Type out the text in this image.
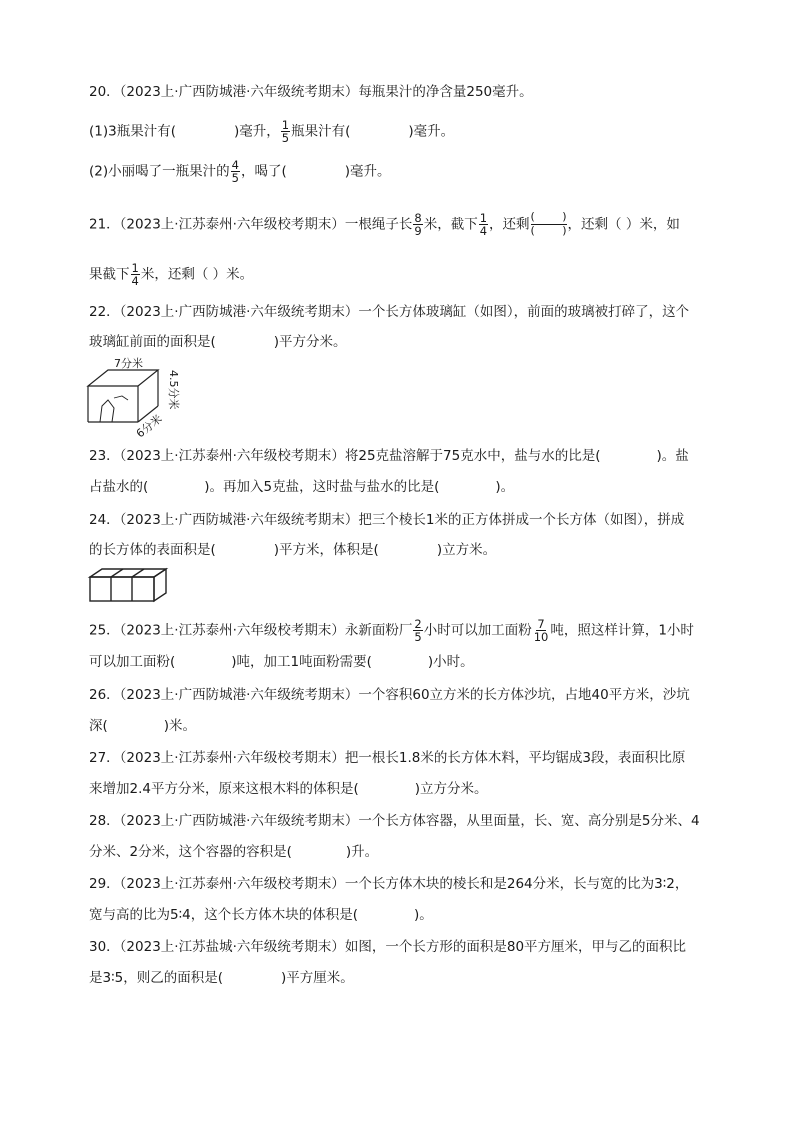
20．（2023上·广西防城港·六年级统考期末）每瓶果汁的净含量250毫升。
(1)3瓶果汁有(	)毫升， $\frac{1}{5}$ 瓶果汁有(	)毫升。
(2)小丽喝了一瓶果汁的 $\frac{4}{5}$ ，喝了(	)毫升。
21．（2023上·江苏泰州·六年级校考期末）一根绳子长 $\frac{8}{9}$ 米，截下 $\frac{1}{4}$ ，还剩 ( ) ( )	，还剩（ ）米，如
果截下 $\frac{1}{4}$ 米，还剩（ ）米。
22．（2023上·广西防城港·六年级统考期末）一个长方体玻璃缸（如图），前面的玻璃被打碎了，这个
玻璃缸前面的面积是(	)平方分米。
7分米
4.5分米
6分米
23．（2023上·江苏泰州·六年级校考期末）将25克盐溶解于75克水中，盐与水的比是(	)。盐
占盐水的(	)。再加入5克盐，这时盐与盐水的比是(	)。
24．（2023上·广西防城港·六年级统考期末）把三个棱长1米的正方体拼成一个长方体（如图），拼成
的长方体的表面积是(	)平方米，体积是(	)立方米。
25．（2023上·江苏泰州·六年级校考期末）永新面粉厂 $\frac{2}{5}$ 小时可以加工面粉 $\frac{7}{10}$ 吨，照这样计算，1小时
可以加工面粉(	)吨，加工1吨面粉需要(	)小时。
26．（2023上·广西防城港·六年级统考期末）一个容积60立方米的长方体沙坑，占地40平方米，沙坑
深(	)米。
27．（2023上·江苏泰州·六年级校考期末）把一根长1.8米的长方体木料，平均锯成3段，表面积比原
来增加2.4平方分米，原来这根木料的体积是(	)立方分米。
28．（2023上·广西防城港·六年级统考期末）一个长方体容器，从里面量，长、宽、高分别是5分米、4
分米、2分米，这个容器的容积是(	)升。
29．（2023上·江苏泰州·六年级校考期末）一个长方体木块的棱长和是264分米，长与宽的比为3∶2，
宽与高的比为5∶4，这个长方体木块的体积是(	)。
30．（2023上·江苏盐城·六年级统考期末）如图，一个长方形的面积是80平方厘米，甲与乙的面积比
是3∶5，则乙的面积是(	)平方厘米。
